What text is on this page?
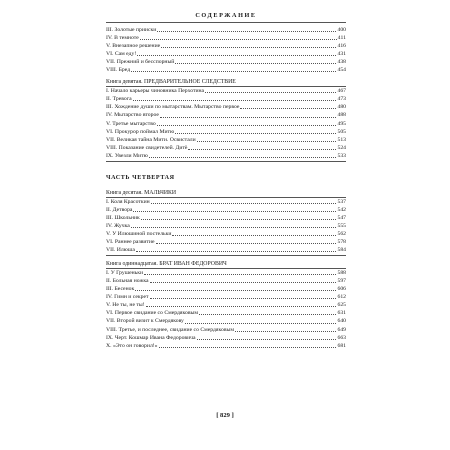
СОДЕРЖАНИЕ
III. Золотые прииски	400
IV. В темноте	411
V. Внезапное решение	416
VI. Сам еду!	431
VII. Прежний и бесспорный	438
VIII. Бред	454
Книга девятая. ПРЕДВАРИТЕЛЬНОЕ СЛЕДСТВИЕ
I. Начало карьеры чиновника Перхотина	467
II. Тревога	473
III. Хождение души по мытарствам. Мытарство первое	480
IV. Мытарство второе	488
V. Третье мытарство	495
VI. Прокурор поймал Митю	505
VII. Великая тайна Мити. Освистали	513
VIII. Показание свидетелей. Дитё	524
IX. Увезли Митю	533
ЧАСТЬ ЧЕТВЕРТАЯ
Книга десятая. МАЛЬЧИКИ
I. Коля Красоткин	537
II. Детвора	542
III. Школьник	547
IV. Жучка	555
V. У Илюшиной постельки	562
VI. Раннее развитие	578
VII. Илюша	584
Книга одиннадцатая. БРАТ ИВАН ФЕДОРОВИЧ
I. У Грушеньки	588
II. Больная ножка	597
III. Бесенок	606
IV. Гимн и секрет	612
V. Не ты, не ты!	625
VI. Первое свидание со Смердяковым	631
VII. Второй визит к Смердякову	640
VIII. Третье, и последнее, свидание со Смердяковым	649
IX. Черт. Кошмар Ивана Федоровича	663
X. «Это он говорил!»	681
[ 829 ]
